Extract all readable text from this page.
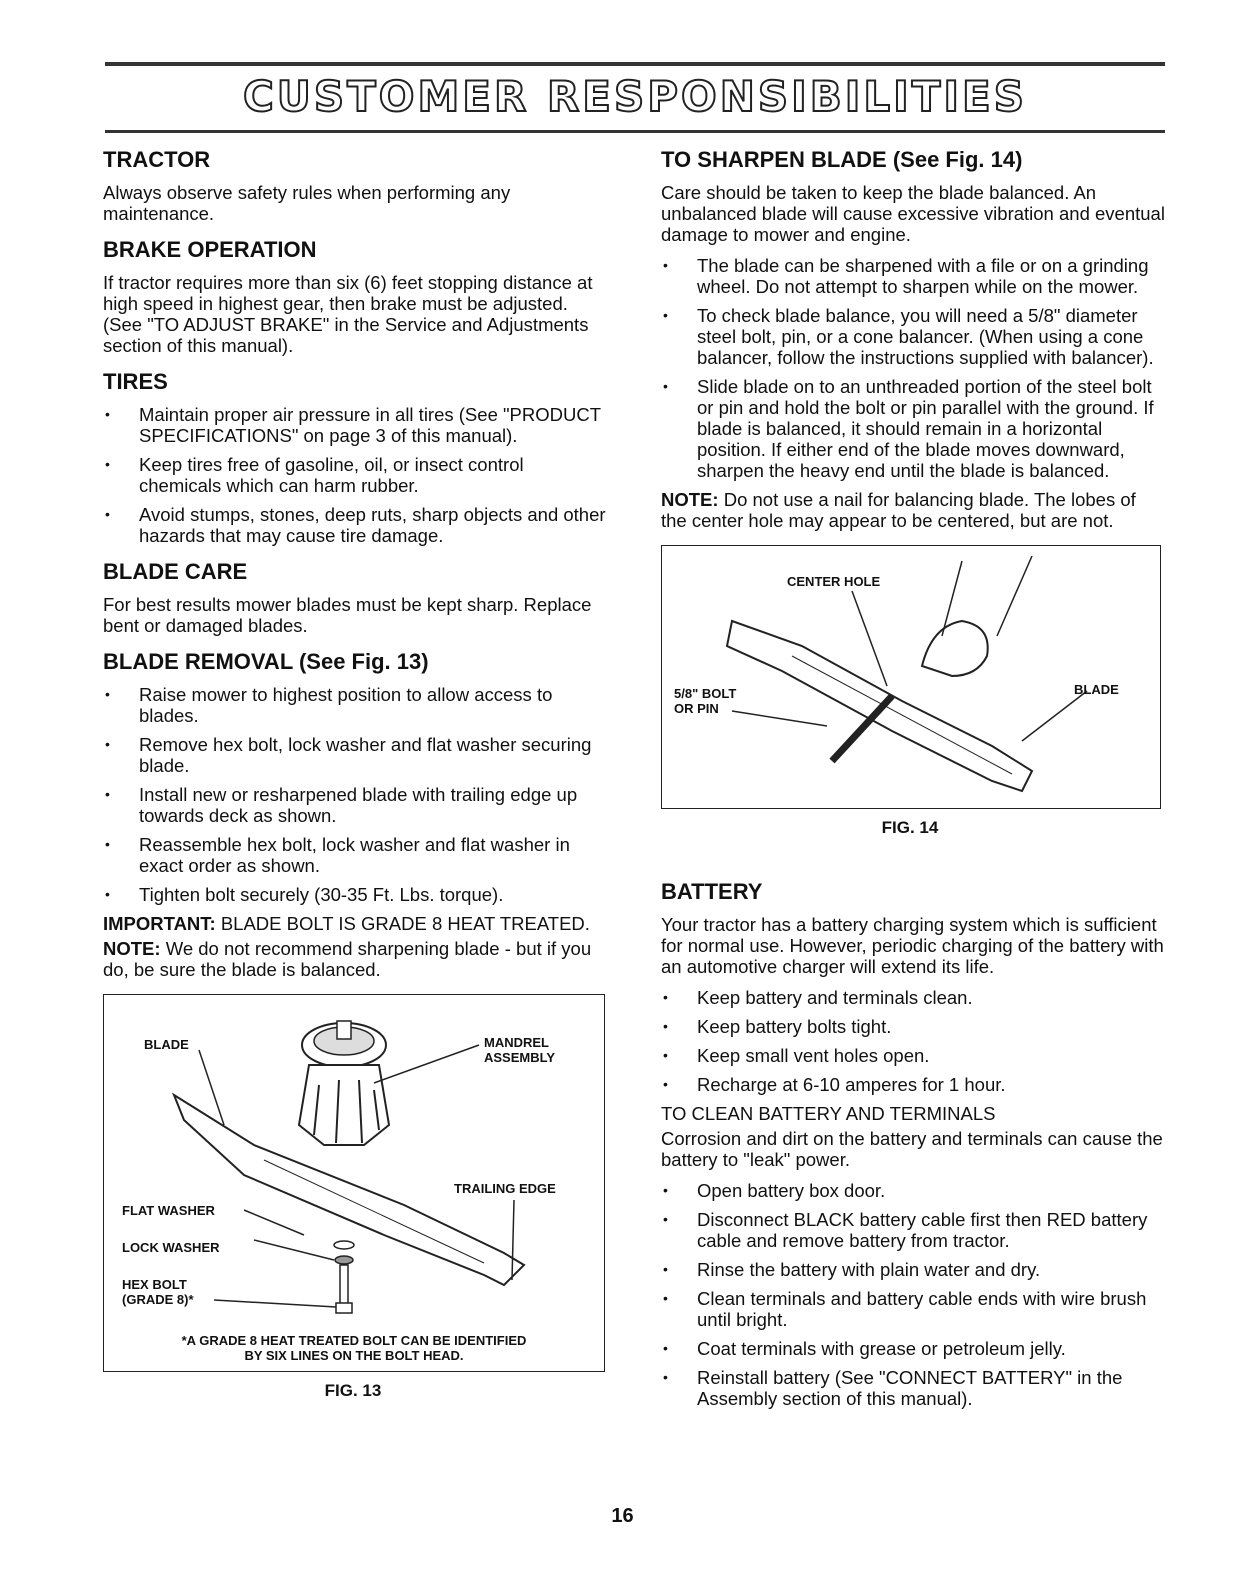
CUSTOMER RESPONSIBILITIES
TRACTOR
Always observe safety rules when performing any maintenance.
BRAKE OPERATION
If tractor requires more than six (6) feet stopping distance at high speed in highest gear, then brake must be adjusted. (See "TO ADJUST BRAKE" in the Service and Adjustments section of this manual).
TIRES
• Maintain proper air pressure in all tires (See "PRODUCT SPECIFICATIONS" on page 3 of this manual).
• Keep tires free of gasoline, oil, or insect control chemicals which can harm rubber.
• Avoid stumps, stones, deep ruts, sharp objects and other hazards that may cause tire damage.
BLADE CARE
For best results mower blades must be kept sharp. Replace bent or damaged blades.
BLADE REMOVAL (See Fig. 13)
• Raise mower to highest position to allow access to blades.
• Remove hex bolt, lock washer and flat washer securing blade.
• Install new or resharpened blade with trailing edge up towards deck as shown.
• Reassemble hex bolt, lock washer and flat washer in exact order as shown.
• Tighten bolt securely (30-35 Ft. Lbs. torque).
IMPORTANT: BLADE BOLT IS GRADE 8 HEAT TREATED.
NOTE: We do not recommend sharpening blade - but if you do, be sure the blade is balanced.
BLADE	MANDREL ASSEMBLY
TRAILING EDGE
FLAT WASHER
LOCK WASHER
HEX BOLT (GRADE 8)*
*A GRADE 8 HEAT TREATED BOLT CAN BE IDENTIFIED BY SIX LINES ON THE BOLT HEAD.
FIG. 13
TO SHARPEN BLADE (See Fig. 14)
Care should be taken to keep the blade balanced. An unbalanced blade will cause excessive vibration and eventual damage to mower and engine.
• The blade can be sharpened with a file or on a grinding wheel. Do not attempt to sharpen while on the mower.
• To check blade balance, you will need a 5/8" diameter steel bolt, pin, or a cone balancer. (When using a cone balancer, follow the instructions supplied with balancer).
• Slide blade on to an unthreaded portion of the steel bolt or pin and hold the bolt or pin parallel with the ground. If blade is balanced, it should remain in a horizontal position. If either end of the blade moves downward, sharpen the heavy end until the blade is balanced.
NOTE: Do not use a nail for balancing blade. The lobes of the center hole may appear to be centered, but are not.
CENTER HOLE
5/8" BOLT OR PIN
BLADE
FIG. 14
BATTERY
Your tractor has a battery charging system which is sufficient for normal use. However, periodic charging of the battery with an automotive charger will extend its life.
• Keep battery and terminals clean.
• Keep battery bolts tight.
• Keep small vent holes open.
• Recharge at 6-10 amperes for 1 hour.
TO CLEAN BATTERY AND TERMINALS
Corrosion and dirt on the battery and terminals can cause the battery to "leak" power.
• Open battery box door.
• Disconnect BLACK battery cable first then RED battery cable and remove battery from tractor.
• Rinse the battery with plain water and dry.
• Clean terminals and battery cable ends with wire brush until bright.
• Coat terminals with grease or petroleum jelly.
• Reinstall battery (See "CONNECT BATTERY" in the Assembly section of this manual).
16
